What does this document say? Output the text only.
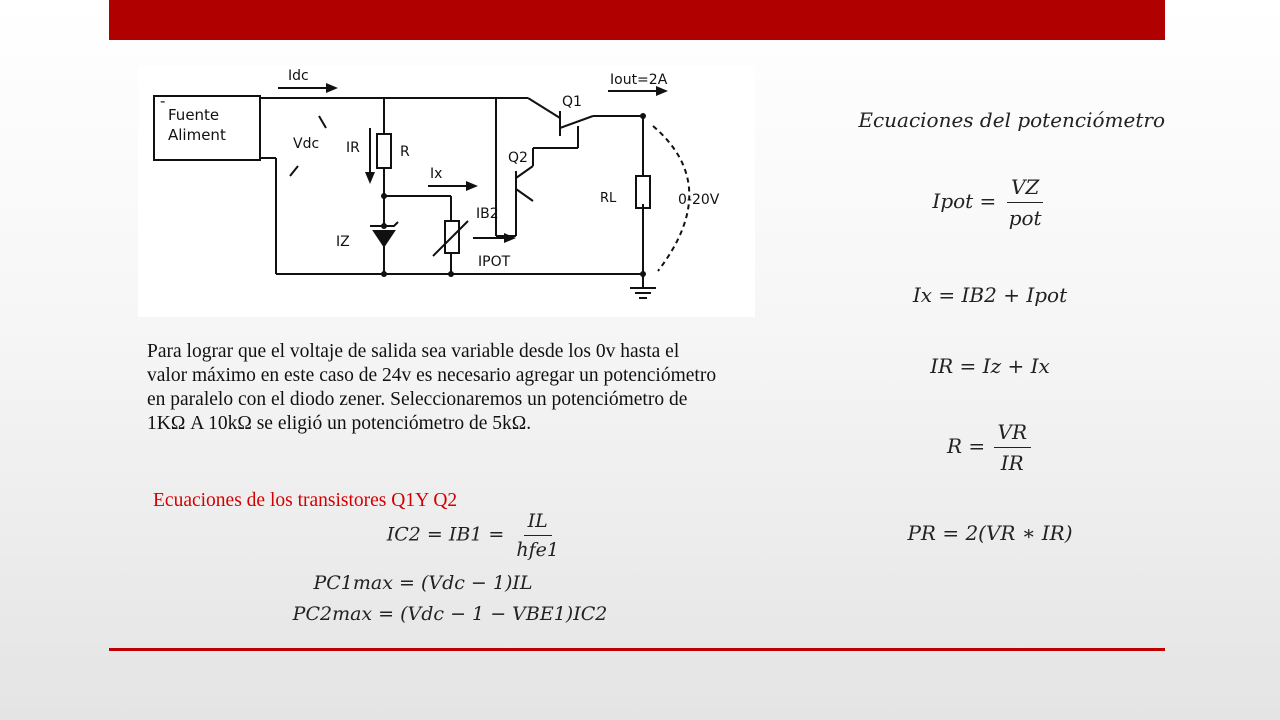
-
Fuente
Aliment
Idc
Vdc IR	R
Ix
IZ
IB2
IPOT
Q1
Q2
Iout=2A
RL	0-20V
Para lograr que el voltaje de salida sea variable desde los 0v hasta el valor máximo en este caso de 24v es necesario agregar un potenciómetro en paralelo con el diodo zener. Seleccionaremos un potenciómetro de 1KΩ A 10kΩ se eligió un potenciómetro de 5kΩ.
Ecuaciones de los transistores Q1Y Q2
𝐼𝐶2 = 𝐼𝐵1 = $\frac{\text{𝐼𝐿}}{\text{ℎ𝑓𝑒1}}$
𝑃𝐶1𝑚𝑎𝑥 = (𝑉𝑑𝑐 − 1)𝐼𝐿
𝑃𝐶2𝑚𝑎𝑥 = (𝑉𝑑𝑐 − 1 − 𝑉𝐵𝐸1)𝐼𝐶2
Ecuaciones del potenciómetro
𝐼𝑝𝑜𝑡 = $\frac{\text{𝑉𝑍}}{\text{𝑝𝑜𝑡}}$
𝐼𝑥 = 𝐼𝐵2 + 𝐼𝑝𝑜𝑡
𝐼𝑅 = 𝐼𝑧 + 𝐼𝑥
𝑅 = $\frac{\text{𝑉𝑅}}{\text{𝐼𝑅}}$
𝑃𝑅 = 2(𝑉𝑅 ∗ 𝐼𝑅)
